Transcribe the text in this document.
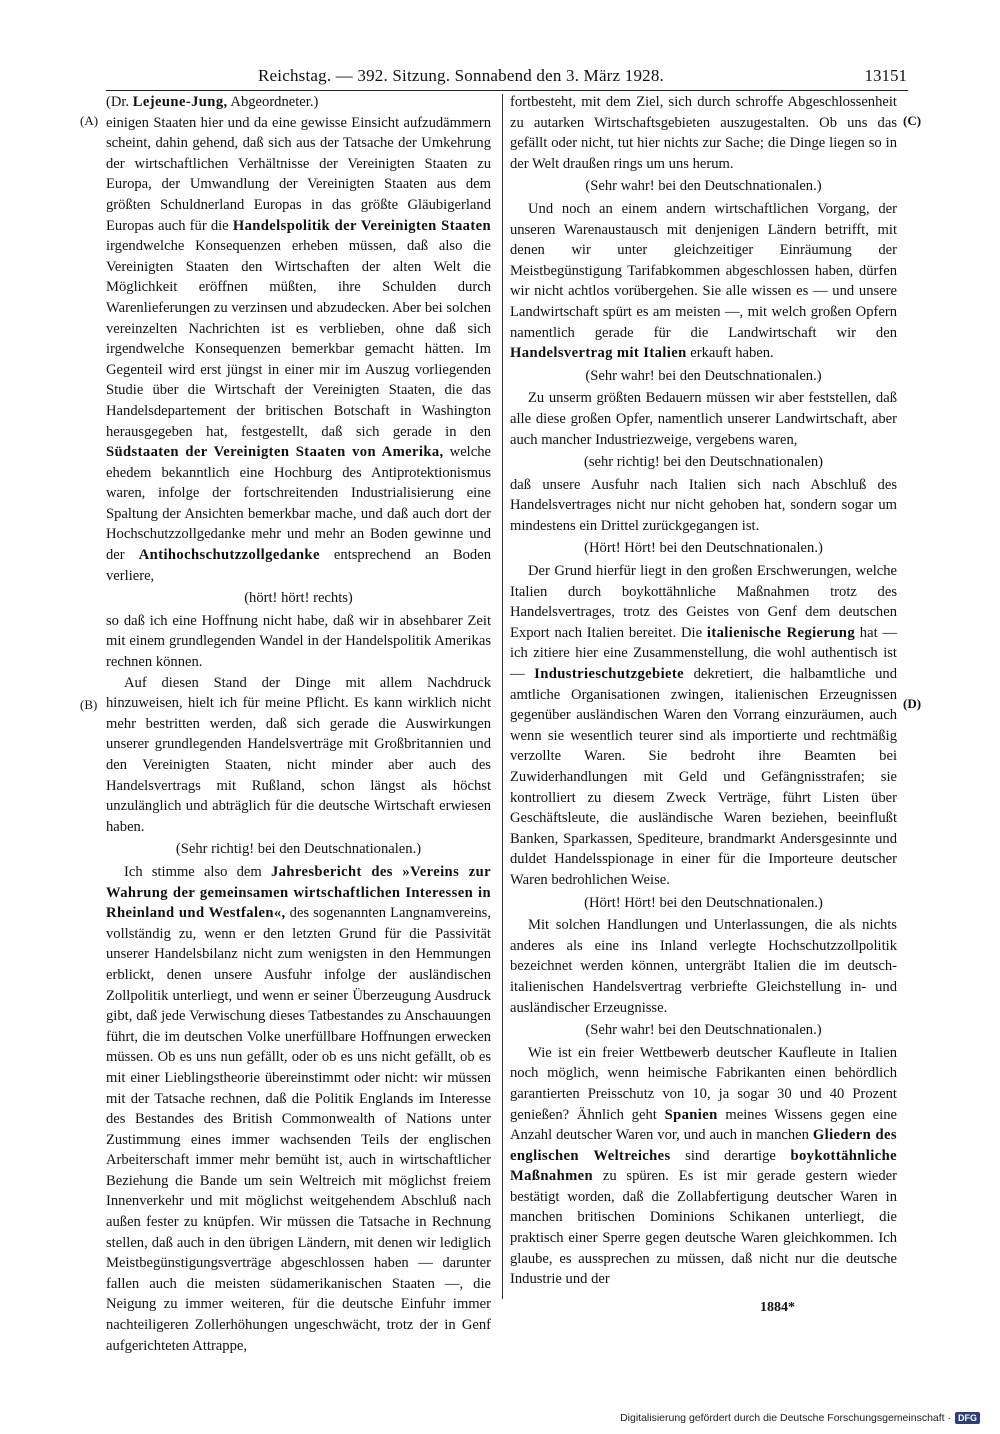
Reichstag. — 392. Sitzung. Sonnabend den 3. März 1928.	13151
(A)
(B)
(C)
(D)

(Dr. Lejeune-Jung, Abgeordneter.)

einigen Staaten hier und da eine gewisse Einsicht aufzudämmern scheint, dahin gehend, daß sich aus der Tatsache der Umkehrung der wirtschaftlichen Verhältnisse der Vereinigten Staaten zu Europa, der Umwandlung der Vereinigten Staaten aus dem größten Schuldnerland Europas in das größte Gläubigerland Europas auch für die Handelspolitik der Vereinigten Staaten irgendwelche Konsequenzen erheben müssen, daß also die Vereinigten Staaten den Wirtschaften der alten Welt die Möglichkeit eröffnen müßten, ihre Schulden durch Warenlieferungen zu verzinsen und abzudecken. Aber bei solchen vereinzelten Nachrichten ist es verblieben, ohne daß sich irgendwelche Konsequenzen bemerkbar gemacht hätten. Im Gegenteil wird erst jüngst in einer mir im Auszug vorliegenden Studie über die Wirtschaft der Vereinigten Staaten, die das Handelsdepartement der britischen Botschaft in Washington herausgegeben hat, festgestellt, daß sich gerade in den Südstaaten der Vereinigten Staaten von Amerika, welche ehedem bekanntlich eine Hochburg des Antiprotektionismus waren, infolge der fortschreitenden Industrialisierung eine Spaltung der Ansichten bemerkbar mache, und daß auch dort der Hochschutzzollgedanke mehr und mehr an Boden gewinne und der Antihochschutzzollgedanke entsprechend an Boden verliere,

(hört! hört! rechts)

so daß ich eine Hoffnung nicht habe, daß wir in absehbarer Zeit mit einem grundlegenden Wandel in der Handelspolitik Amerikas rechnen können.

Auf diesen Stand der Dinge mit allem Nachdruck hinzuweisen, hielt ich für meine Pflicht. Es kann wirklich nicht mehr bestritten werden, daß sich gerade die Auswirkungen unserer grundlegenden Handelsverträge mit Großbritannien und den Vereinigten Staaten, nicht minder aber auch des Handelsvertrags mit Rußland, schon längst als höchst unzulänglich und abträglich für die deutsche Wirtschaft erwiesen haben.

(Sehr richtig! bei den Deutschnationalen.)

Ich stimme also dem Jahresbericht des »Vereins zur Wahrung der gemeinsamen wirtschaftlichen Interessen in Rheinland und Westfalen«, des sogenannten Langnamvereins, vollständig zu, wenn er den letzten Grund für die Passivität unserer Handelsbilanz nicht zum wenigsten in den Hemmungen erblickt, denen unsere Ausfuhr infolge der ausländischen Zollpolitik unterliegt, und wenn er seiner Überzeugung Ausdruck gibt, daß jede Verwischung dieses Tatbestandes zu Anschauungen führt, die im deutschen Volke unerfüllbare Hoffnungen erwecken müssen. Ob es uns nun gefällt, oder ob es uns nicht gefällt, ob es mit einer Lieblingstheorie übereinstimmt oder nicht: wir müssen mit der Tatsache rechnen, daß die Politik Englands im Interesse des Bestandes des British Commonwealth of Nations unter Zustimmung eines immer wachsenden Teils der englischen Arbeiterschaft immer mehr bemüht ist, auch in wirtschaftlicher Beziehung die Bande um sein Weltreich mit möglichst freiem Innenverkehr und mit möglichst weitgehendem Abschluß nach außen fester zu knüpfen. Wir müssen die Tatsache in Rechnung stellen, daß auch in den übrigen Ländern, mit denen wir lediglich Meistbegünstigungsverträge abgeschlossen haben — darunter fallen auch die meisten südamerikanischen Staaten —, die Neigung zu immer weiteren, für die deutsche Einfuhr immer nachteiligeren Zollerhöhungen ungeschwächt, trotz der in Genf aufgerichteten Attrappe,

fortbesteht, mit dem Ziel, sich durch schroffe Abgeschlossenheit zu autarken Wirtschaftsgebieten auszugestalten. Ob uns das gefällt oder nicht, tut hier nichts zur Sache; die Dinge liegen so in der Welt draußen rings um uns herum.

(Sehr wahr! bei den Deutschnationalen.)

Und noch an einem andern wirtschaftlichen Vorgang, der unseren Warenaustausch mit denjenigen Ländern betrifft, mit denen wir unter gleichzeitiger Einräumung der Meistbegünstigung Tarifabkommen abgeschlossen haben, dürfen wir nicht achtlos vorübergehen. Sie alle wissen es — und unsere Landwirtschaft spürt es am meisten —, mit welch großen Opfern namentlich gerade für die Landwirtschaft wir den Handelsvertrag mit Italien erkauft haben.

(Sehr wahr! bei den Deutschnationalen.)

Zu unserm größten Bedauern müssen wir aber feststellen, daß alle diese großen Opfer, namentlich unserer Landwirtschaft, aber auch mancher Industriezweige, vergebens waren,

(sehr richtig! bei den Deutschnationalen)

daß unsere Ausfuhr nach Italien sich nach Abschluß des Handelsvertrages nicht nur nicht gehoben hat, sondern sogar um mindestens ein Drittel zurückgegangen ist.

(Hört! Hört! bei den Deutschnationalen.)

Der Grund hierfür liegt in den großen Erschwerungen, welche Italien durch boykottähnliche Maßnahmen trotz des Handelsvertrages, trotz des Geistes von Genf dem deutschen Export nach Italien bereitet. Die italienische Regierung hat — ich zitiere hier eine Zusammenstellung, die wohl authentisch ist — Industrieschutzgebiete dekretiert, die halbamtliche und amtliche Organisationen zwingen, italienischen Erzeugnissen gegenüber ausländischen Waren den Vorrang einzuräumen, auch wenn sie wesentlich teurer sind als importierte und rechtmäßig verzollte Waren. Sie bedroht ihre Beamten bei Zuwiderhandlungen mit Geld und Gefängnisstrafen; sie kontrolliert zu diesem Zweck Verträge, führt Listen über Geschäftsleute, die ausländische Waren beziehen, beeinflußt Banken, Sparkassen, Spediteure, brandmarkt Andersgesinnte und duldet Handelsspionage in einer für die Importeure deutscher Waren bedrohlichen Weise.

(Hört! Hört! bei den Deutschnationalen.)

Mit solchen Handlungen und Unterlassungen, die als nichts anderes als eine ins Inland verlegte Hochschutzzollpolitik bezeichnet werden können, untergräbt Italien die im deutsch-italienischen Handelsvertrag verbriefte Gleichstellung in- und ausländischer Erzeugnisse.

(Sehr wahr! bei den Deutschnationalen.)

Wie ist ein freier Wettbewerb deutscher Kaufleute in Italien noch möglich, wenn heimische Fabrikanten einen behördlich garantierten Preisschutz von 10, ja sogar 30 und 40 Prozent genießen? Ähnlich geht Spanien meines Wissens gegen eine Anzahl deutscher Waren vor, und auch in manchen Gliedern des englischen Weltreiches sind derartige boykottähnliche Maßnahmen zu spüren. Es ist mir gerade gestern wieder bestätigt worden, daß die Zollabfertigung deutscher Waren in manchen britischen Dominions Schikanen unterliegt, die praktisch einer Sperre gegen deutsche Waren gleichkommen. Ich glaube, es aussprechen zu müssen, daß nicht nur die deutsche Industrie und der

1884*
Digitalisierung gefördert durch die Deutsche Forschungsgemeinschaft · DFG
